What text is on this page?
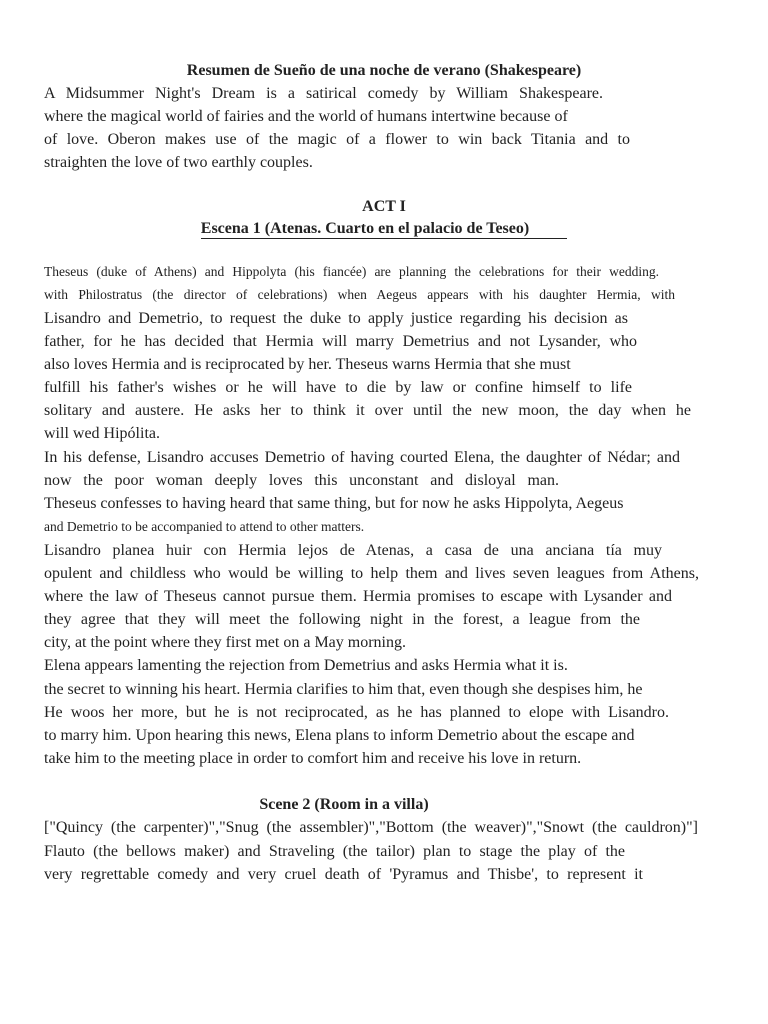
Resumen de Sueño de una noche de verano (Shakespeare)
A Midsummer Night's Dream is a satirical comedy by William Shakespeare.
where the magical world of fairies and the world of humans intertwine because of
of love. Oberon makes use of the magic of a flower to win back Titania and to
straighten the love of two earthly couples.
ACT I
Escena 1 (Atenas. Cuarto en el palacio de Teseo)
Theseus (duke of Athens) and Hippolyta (his fiancée) are planning the celebrations for their wedding.
with Philostratus (the director of celebrations) when Aegeus appears with his daughter Hermia, with
Lisandro and Demetrio, to request the duke to apply justice regarding his decision as
father, for he has decided that Hermia will marry Demetrius and not Lysander, who
also loves Hermia and is reciprocated by her. Theseus warns Hermia that she must
fulfill his father's wishes or he will have to die by law or confine himself to life
solitary and austere. He asks her to think it over until the new moon, the day when he
will wed Hipólita.
In his defense, Lisandro accuses Demetrio of having courted Elena, the daughter of Nédar; and
now the poor woman deeply loves this unconstant and disloyal man.
Theseus confesses to having heard that same thing, but for now he asks Hippolyta, Aegeus
and Demetrio to be accompanied to attend to other matters.
Lisandro planea huir con Hermia lejos de Atenas, a casa de una anciana tía muy
opulent and childless who would be willing to help them and lives seven leagues from Athens,
where the law of Theseus cannot pursue them. Hermia promises to escape with Lysander and
they agree that they will meet the following night in the forest, a league from the
city, at the point where they first met on a May morning.
Elena appears lamenting the rejection from Demetrius and asks Hermia what it is.
the secret to winning his heart. Hermia clarifies to him that, even though she despises him, he
He woos her more, but he is not reciprocated, as he has planned to elope with Lisandro.
to marry him. Upon hearing this news, Elena plans to inform Demetrio about the escape and
take him to the meeting place in order to comfort him and receive his love in return.
Scene 2 (Room in a villa)
["Quincy (the carpenter)","Snug (the assembler)","Bottom (the weaver)","Snowt (the cauldron)"]
Flauto (the bellows maker) and Straveling (the tailor) plan to stage the play of the
very regrettable comedy and very cruel death of 'Pyramus and Thisbe', to represent it
